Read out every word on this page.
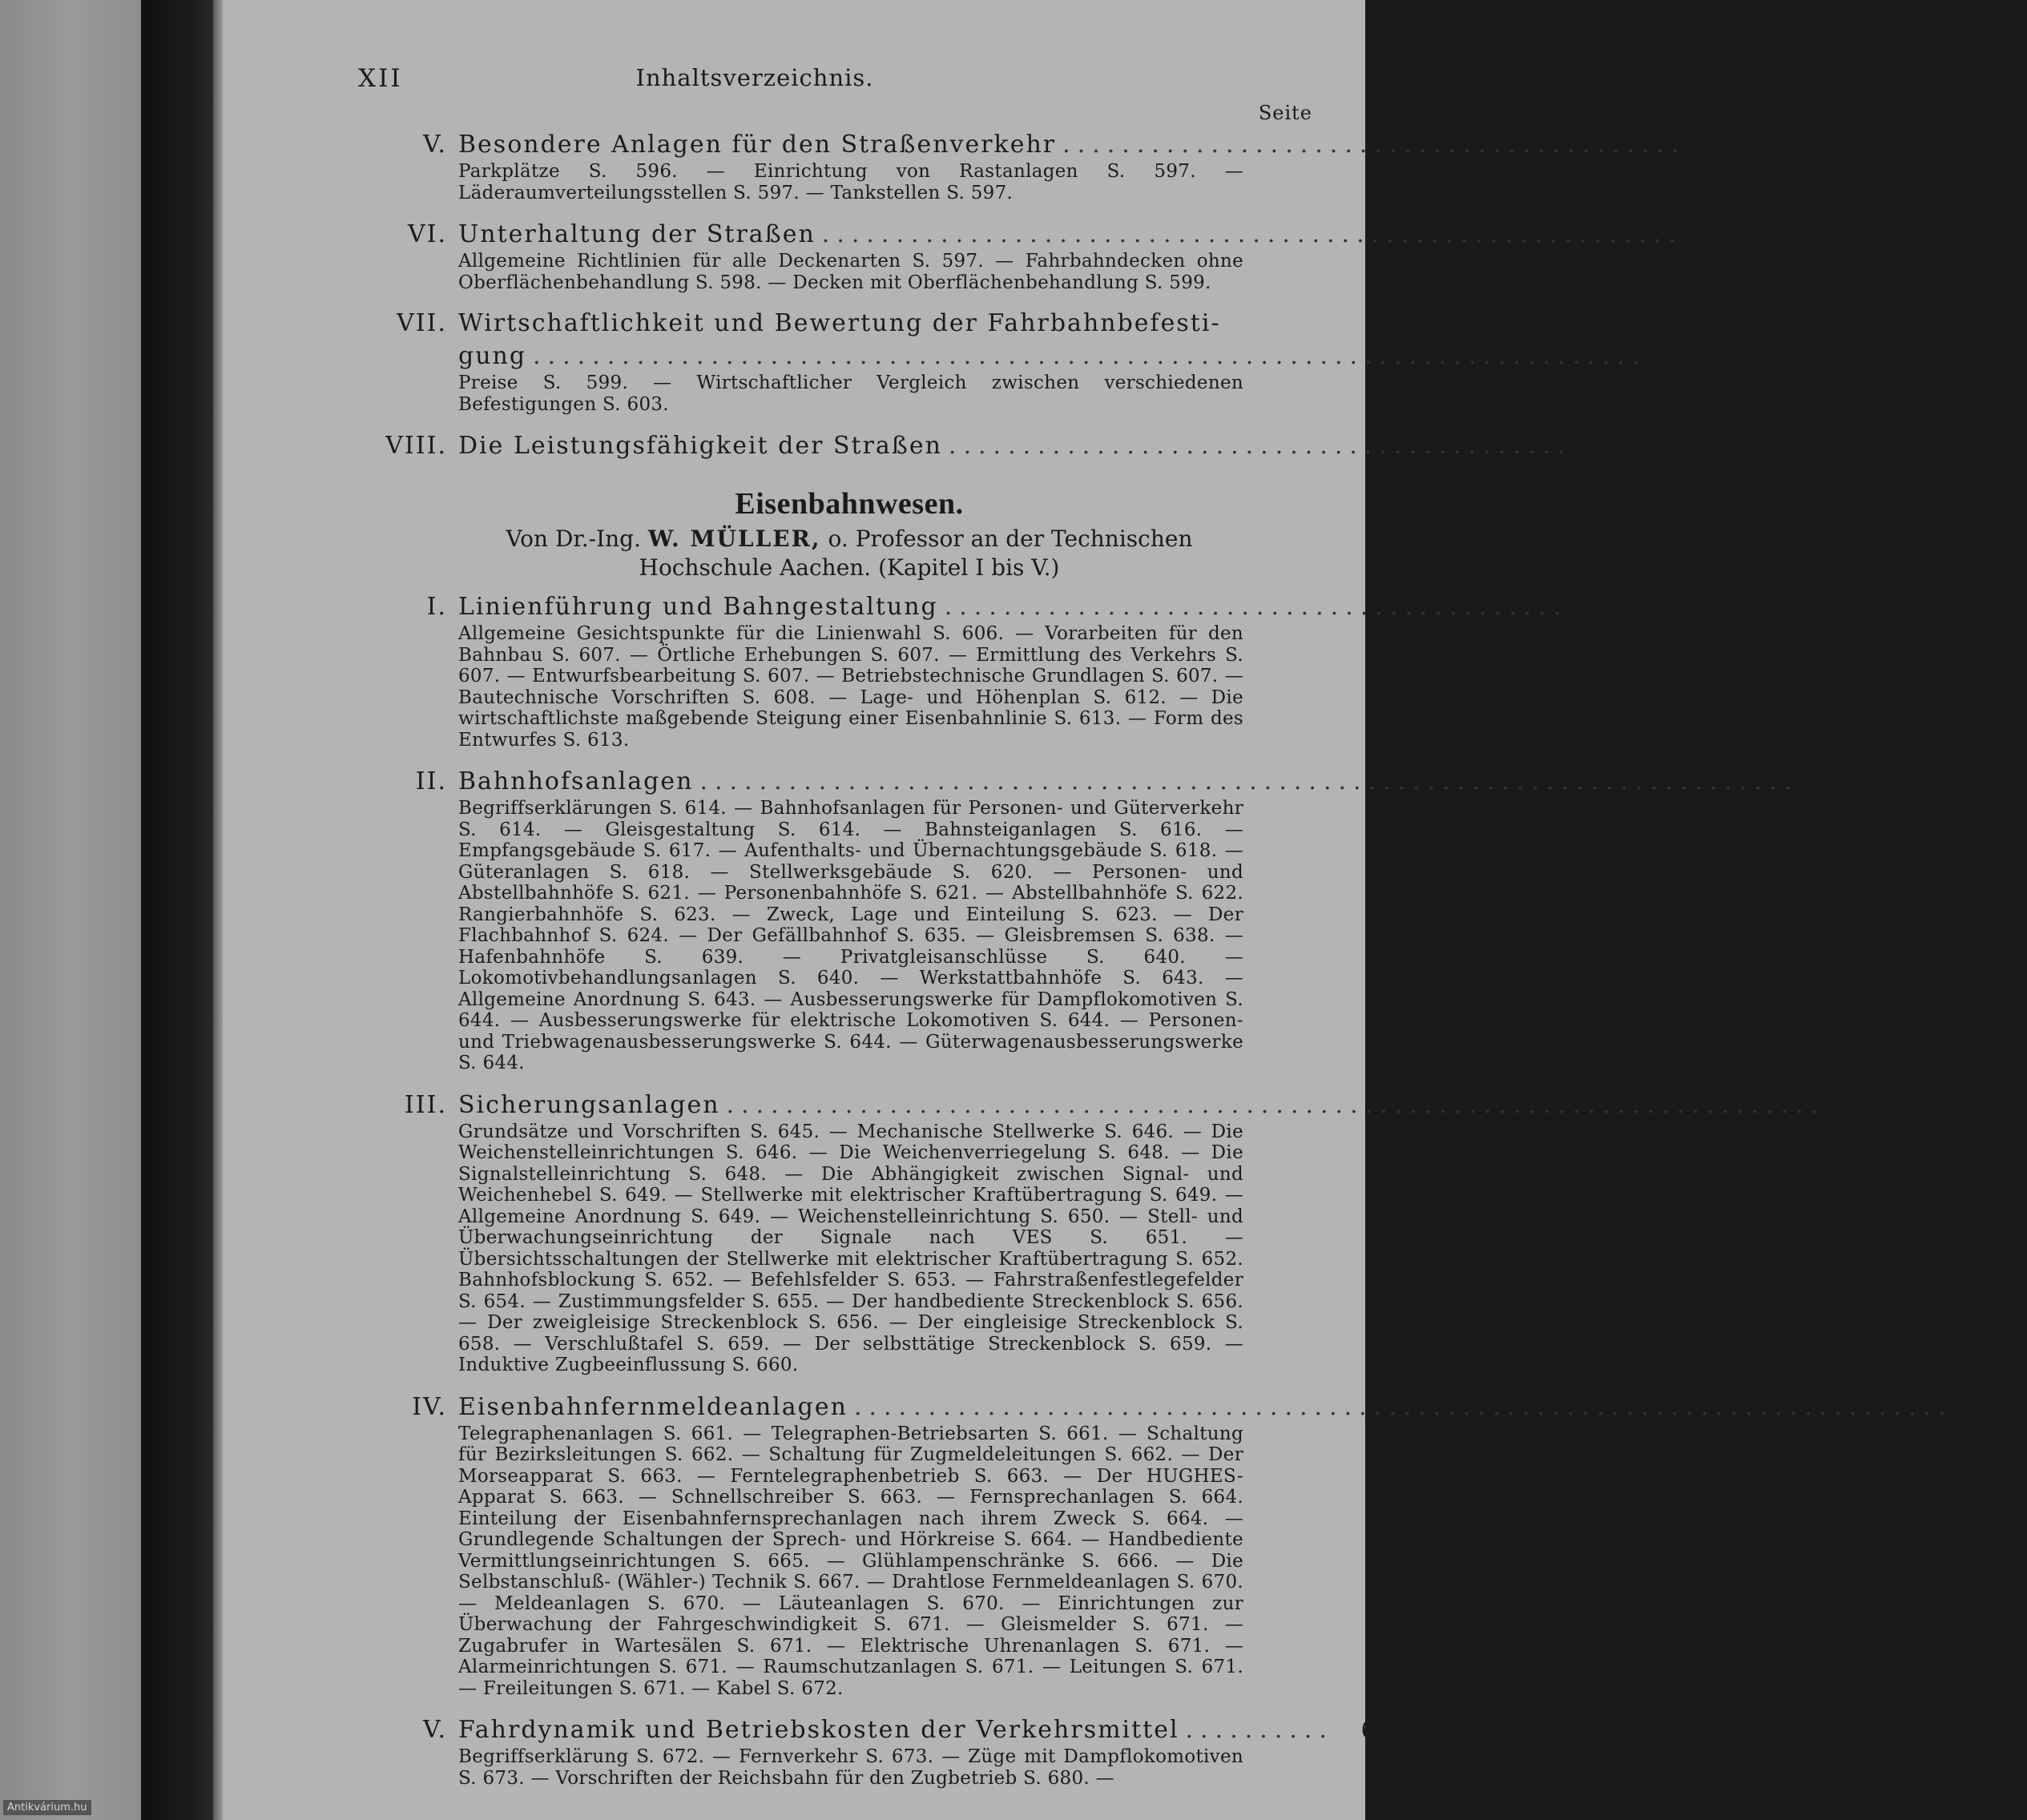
XII	Inhaltsverzeichnis.
Seite
V. Besondere Anlagen für den Straßenverkehr ..........................................	596
Parkplätze S. 596. — Einrichtung von Rastanlagen S. 597. — Läderaumverteilungsstellen S. 597. — Tankstellen S. 597.
VI. Unterhaltung der Straßen ..........................................................	597
Allgemeine Richtlinien für alle Deckenarten S. 597. — Fahrbahndecken ohne Oberflächenbehandlung S. 598. — Decken mit Oberflächenbehandlung S. 599.
VII. Wirtschaftlichkeit und Bewertung der Fahrbahnbefesti-
gung ...........................................................................	599
Preise S. 599. — Wirtschaftlicher Vergleich zwischen verschiedenen Befestigungen S. 603.
VIII. Die Leistungsfähigkeit der Straßen ..........................................	605
Eisenbahnwesen.
Von Dr.-Ing. W. MÜLLER, o. Professor an der Technischen
Hochschule Aachen. (Kapitel I bis V.)
I. Linienführung und Bahngestaltung ..........................................	606
Allgemeine Gesichtspunkte für die Linienwahl S. 606. — Vorarbeiten für den Bahnbau S. 607. — Örtliche Erhebungen S. 607. — Ermittlung des Verkehrs S. 607. — Entwurfsbearbeitung S. 607. — Betriebstechnische Grundlagen S. 607. — Bautechnische Vorschriften S. 608. — Lage- und Höhenplan S. 612. — Die wirtschaftlichste maßgebende Steigung einer Eisenbahnlinie S. 613. — Form des Entwurfes S. 613.
II. Bahnhofsanlagen ..........................................................................	614
Begriffserklärungen S. 614. — Bahnhofsanlagen für Personen- und Güterverkehr S. 614. — Gleisgestaltung S. 614. — Bahnsteiganlagen S. 616. — Empfangsgebäude S. 617. — Aufenthalts- und Übernachtungsgebäude S. 618. — Güteranlagen S. 618. — Stellwerksgebäude S. 620. — Personen- und Abstellbahnhöfe S. 621. — Personenbahnhöfe S. 621. — Abstellbahnhöfe S. 622. Rangierbahnhöfe S. 623. — Zweck, Lage und Einteilung S. 623. — Der Flachbahnhof S. 624. — Der Gefällbahnhof S. 635. — Gleisbremsen S. 638. — Hafenbahnhöfe S. 639. — Privatgleisanschlüsse S. 640. — Lokomotivbehandlungsanlagen S. 640. — Werkstattbahnhöfe S. 643. — Allgemeine Anordnung S. 643. — Ausbesserungswerke für Dampflokomotiven S. 644. — Ausbesserungswerke für elektrische Lokomotiven S. 644. — Personen- und Triebwagenausbesserungswerke S. 644. — Güterwagenausbesserungswerke S. 644.
III. Sicherungsanlagen ..........................................................................	645
Grundsätze und Vorschriften S. 645. — Mechanische Stellwerke S. 646. — Die Weichenstelleinrichtungen S. 646. — Die Weichenverriegelung S. 648. — Die Signalstelleinrichtung S. 648. — Die Abhängigkeit zwischen Signal- und Weichenhebel S. 649. — Stellwerke mit elektrischer Kraftübertragung S. 649. — Allgemeine Anordnung S. 649. — Weichenstelleinrichtung S. 650. — Stell- und Überwachungseinrichtung der Signale nach VES S. 651. — Übersichtsschaltungen der Stellwerke mit elektrischer Kraftübertragung S. 652. Bahnhofsblockung S. 652. — Befehlsfelder S. 653. — Fahrstraßenfestlegefelder S. 654. — Zustimmungsfelder S. 655. — Der handbediente Streckenblock S. 656. — Der zweigleisige Streckenblock S. 656. — Der eingleisige Streckenblock S. 658. — Verschlußtafel S. 659. — Der selbsttätige Streckenblock S. 659. — Induktive Zugbeeinflussung S. 660.
IV. Eisenbahnfernmeldeanlagen ..........................................................................	661
Telegraphenanlagen S. 661. — Telegraphen-Betriebsarten S. 661. — Schaltung für Bezirksleitungen S. 662. — Schaltung für Zugmeldeleitungen S. 662. — Der Morseapparat S. 663. — Ferntelegraphenbetrieb S. 663. — Der HUGHES-Apparat S. 663. — Schnellschreiber S. 663. — Fernsprechanlagen S. 664. Einteilung der Eisenbahnfernsprechanlagen nach ihrem Zweck S. 664. — Grundlegende Schaltungen der Sprech- und Hörkreise S. 664. — Handbediente Vermittlungseinrichtungen S. 665. — Glühlampenschränke S. 666. — Die Selbstanschluß- (Wähler-) Technik S. 667. — Drahtlose Fernmeldeanlagen S. 670. — Meldeanlagen S. 670. — Läuteanlagen S. 670. — Einrichtungen zur Überwachung der Fahrgeschwindigkeit S. 671. — Gleismelder S. 671. — Zugabrufer in Wartesälen S. 671. — Elektrische Uhrenanlagen S. 671. — Alarmeinrichtungen S. 671. — Raumschutzanlagen S. 671. — Leitungen S. 671. — Freileitungen S. 671. — Kabel S. 672.
V. Fahrdynamik und Betriebskosten der Verkehrsmittel ..........	672
Begriffserklärung S. 672. — Fernverkehr S. 673. — Züge mit Dampflokomotiven S. 673. — Vorschriften der Reichsbahn für den Zugbetrieb S. 680. —
Antikvárium.hu
